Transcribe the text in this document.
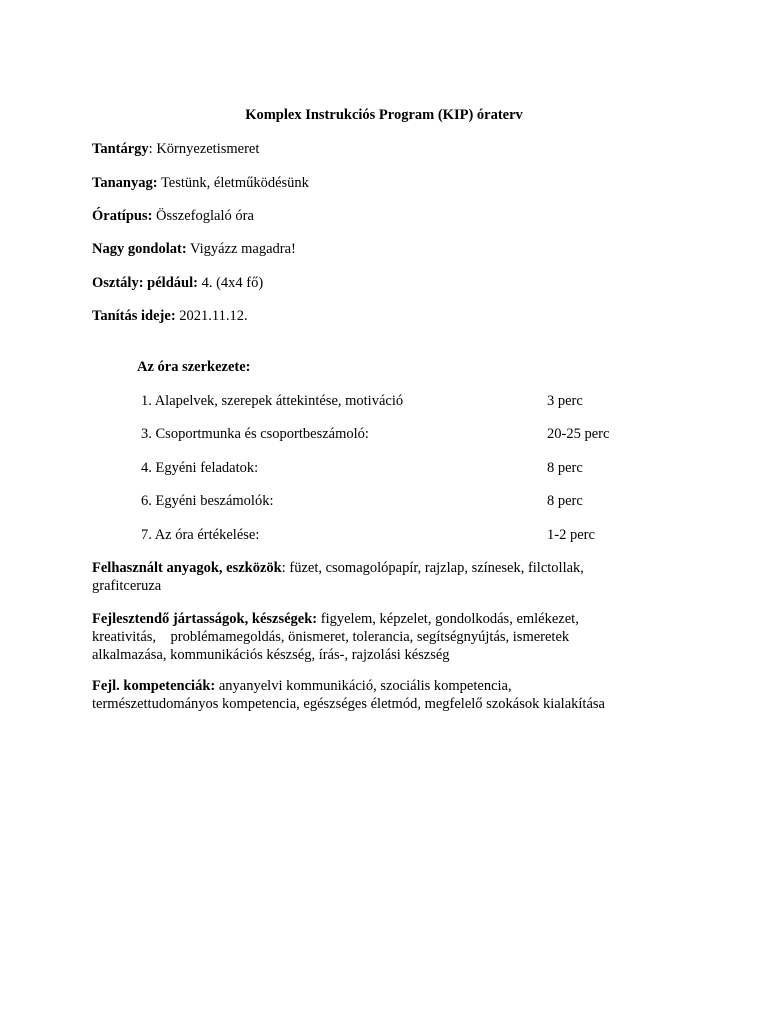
Komplex Instrukciós Program (KIP) óraterv
Tantárgy: Környezetismeret
Tananyag: Testünk, életműködésünk
Óratípus: Összefoglaló óra
Nagy gondolat: Vigyázz magadra!
Osztály: például: 4. (4x4 fő)
Tanítás ideje: 2021.11.12.
Az óra szerkezete:
1. Alapelvek, szerepek áttekintése, motiváció	3 perc
3. Csoportmunka és csoportbeszámoló:	20-25 perc
4. Egyéni feladatok:	8 perc
6. Egyéni beszámolók:	8 perc
7. Az óra értékelése:	1-2 perc
Felhasznált anyagok, eszközök: füzet, csomagolópapír, rajzlap, színesek, filctollak,
grafitceruza
Fejlesztendő jártasságok, készségek: figyelem, képzelet, gondolkodás, emlékezet,
kreativitás,    problémamegoldás, önismeret, tolerancia, segítségnyújtás, ismeretek
alkalmazása, kommunikációs készség, írás-, rajzolási készség
Fejl. kompetenciák: anyanyelvi kommunikáció, szociális kompetencia,
természettudományos kompetencia, egészséges életmód, megfelelő szokások kialakítása
